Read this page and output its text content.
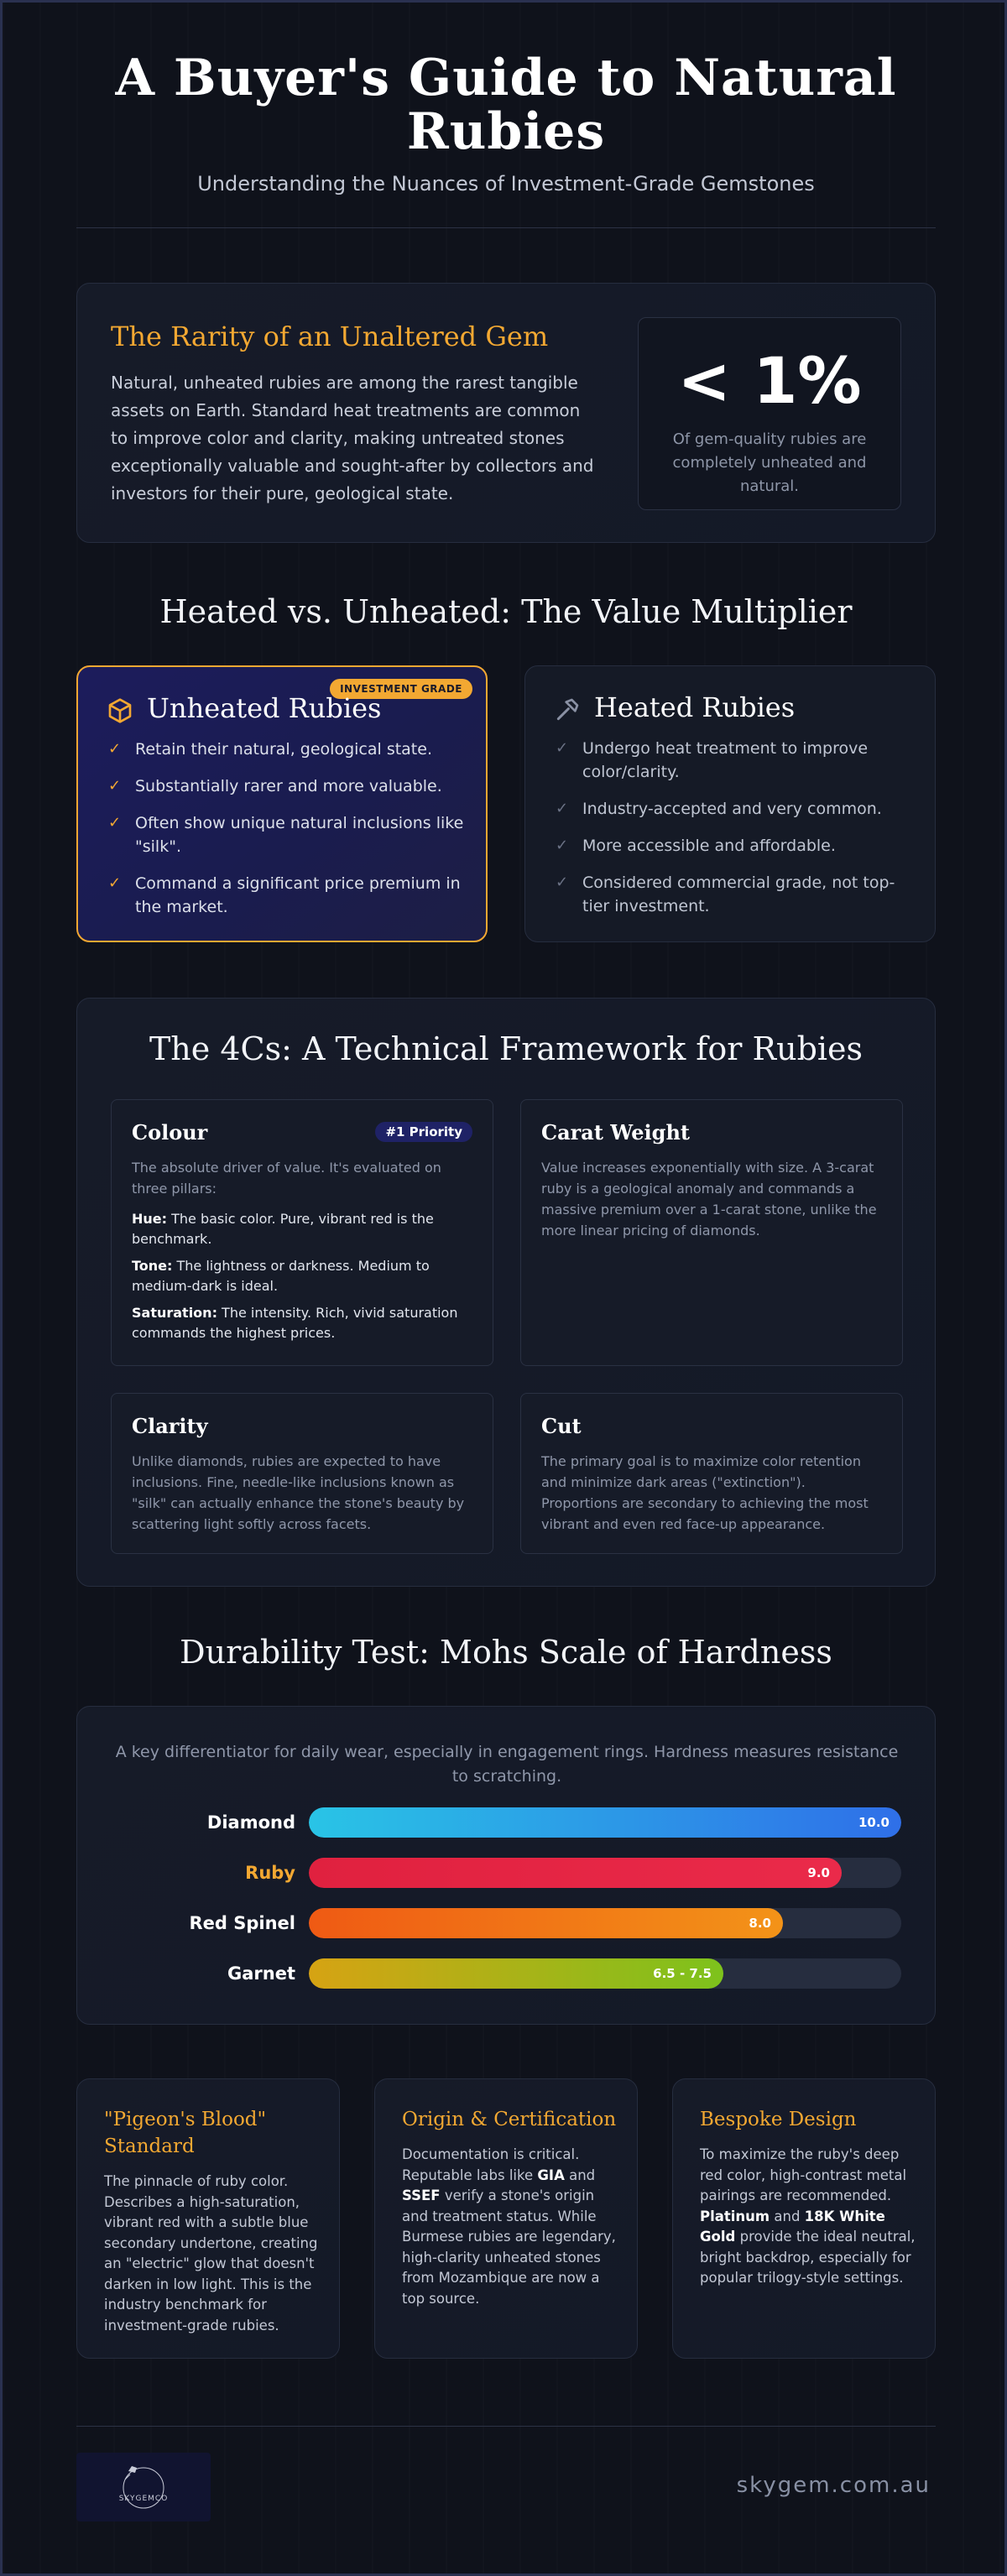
A Buyer's Guide to Natural Rubies
Understanding the Nuances of Investment-Grade Gemstones
The Rarity of an Unaltered Gem

Natural, unheated rubies are among the rarest tangible assets on Earth. Standard heat treatments are common to improve color and clarity, making untreated stones exceptionally valuable and sought-after by collectors and investors for their pure, geological state.

< 1%
Of gem-quality rubies are completely unheated and natural.
Heated vs. Unheated: The Value Multiplier
INVESTMENT GRADE
Unheated Rubies
✓ Retain their natural, geological state.
✓ Substantially rarer and more valuable.
✓ Often show unique natural inclusions like "silk".
✓ Command a significant price premium in the market.
Heated Rubies
✓ Undergo heat treatment to improve color/clarity.
✓ Industry-accepted and very common.
✓ More accessible and affordable.
✓ Considered commercial grade, not top-tier investment.
The 4Cs: A Technical Framework for Rubies
Colour	#1 Priority
The absolute driver of value. It's evaluated on three pillars:
Hue: The basic color. Pure, vibrant red is the benchmark.
Tone: The lightness or darkness. Medium to medium-dark is ideal.
Saturation: The intensity. Rich, vivid saturation commands the highest prices.
Carat Weight
Value increases exponentially with size. A 3-carat ruby is a geological anomaly and commands a massive premium over a 1-carat stone, unlike the more linear pricing of diamonds.
Clarity
Unlike diamonds, rubies are expected to have inclusions. Fine, needle-like inclusions known as "silk" can actually enhance the stone's beauty by scattering light softly across facets.
Cut
The primary goal is to maximize color retention and minimize dark areas ("extinction"). Proportions are secondary to achieving the most vibrant and even red face-up appearance.
Durability Test: Mohs Scale of Hardness
A key differentiator for daily wear, especially in engagement rings. Hardness measures resistance to scratching.
Diamond	10.0
Ruby	9.0
Red Spinel	8.0
Garnet	6.5 - 7.5
"Pigeon's Blood" Standard

The pinnacle of ruby color. Describes a high-saturation, vibrant red with a subtle blue secondary undertone, creating an "electric" glow that doesn't darken in low light. This is the industry benchmark for investment-grade rubies.

Origin & Certification

Documentation is critical. Reputable labs like GIA and SSEF verify a stone's origin and treatment status. While Burmese rubies are legendary, high-clarity unheated stones from Mozambique are now a top source.

Bespoke Design

To maximize the ruby's deep red color, high-contrast metal pairings are recommended. Platinum and 18K White Gold provide the ideal neutral, bright backdrop, especially for popular trilogy-style settings.

SKYGEMCO
skygem.com.au
